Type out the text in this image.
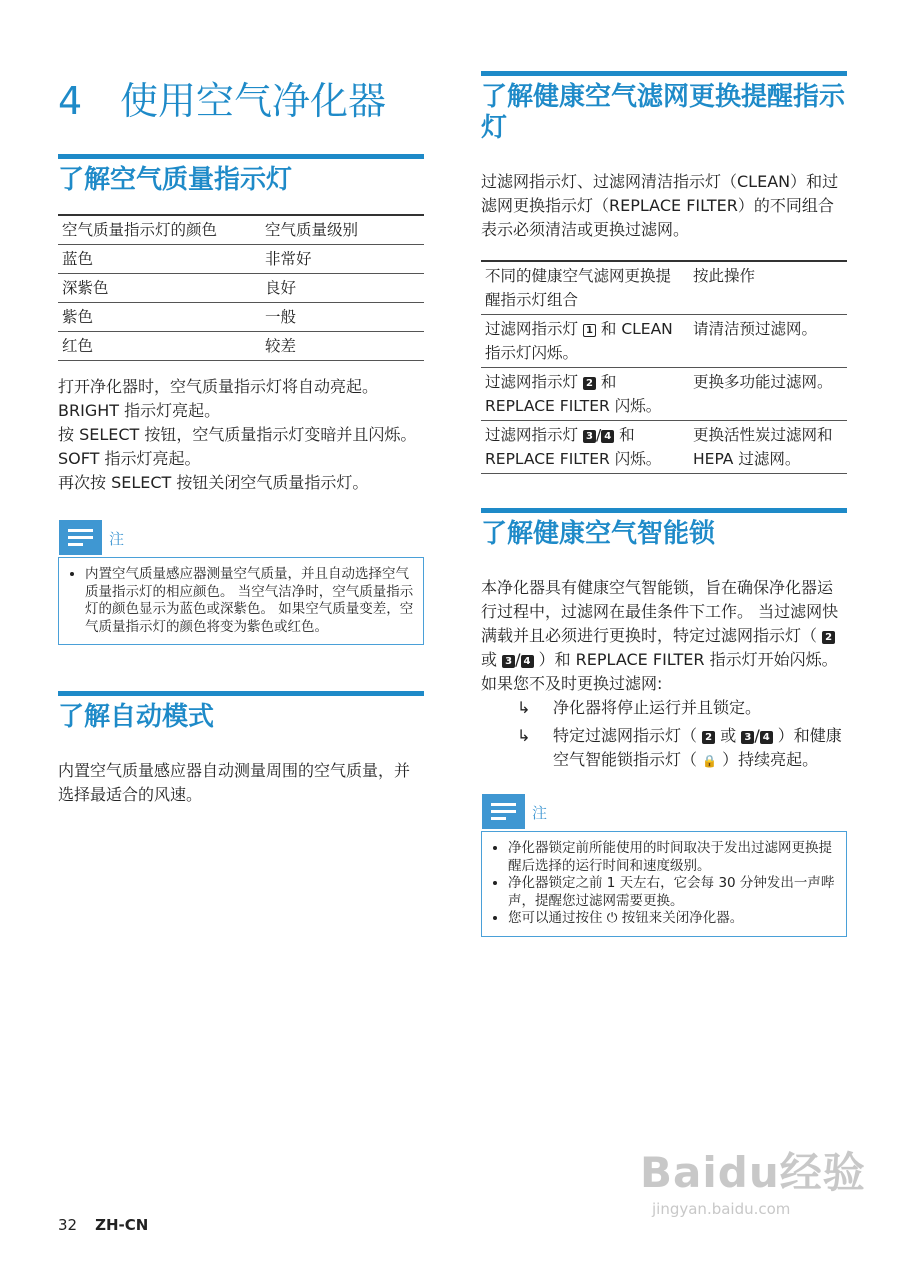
4 使用空气净化器
了解空气质量指示灯
空气质量指示灯的颜色	空气质量级别
蓝色	非常好
深紫色	良好
紫色	一般
红色	较差

打开净化器时，空气质量指示灯将自动亮起。

BRIGHT 指示灯亮起。

按 SELECT 按钮，空气质量指示灯变暗并且闪烁。 SOFT 指示灯亮起。

再次按 SELECT 按钮关闭空气质量指示灯。

注
• 内置空气质量感应器测量空气质量，并且自动选择空气质量指示灯的相应颜色。 当空气洁净时，空气质量指示灯的颜色显示为蓝色或深紫色。 如果空气质量变差，空气质量指示灯的颜色将变为紫色或红色。
了解自动模式

内置空气质量感应器自动测量周围的空气质量，并选择最适合的风速。

了解健康空气滤网更换提醒指示灯

过滤网指示灯、过滤网清洁指示灯（CLEAN）和过滤网更换指示灯（REPLACE FILTER）的不同组合表示必须清洁或更换过滤网。

不同的健康空气滤网更换提醒指示灯组合	按此操作
过滤网指示灯 1 和 CLEAN 指示灯闪烁。	请清洁预过滤网。
过滤网指示灯 2 和 REPLACE FILTER 闪烁。	更换多功能过滤网。
过滤网指示灯 3 / 4 和 REPLACE FILTER 闪烁。	更换活性炭过滤网和 HEPA 过滤网。
了解健康空气智能锁

本净化器具有健康空气智能锁，旨在确保净化器运行过程中，过滤网在最佳条件下工作。 当过滤网快满载并且必须进行更换时，特定过滤网指示灯（ 2 或 3 / 4 ）和 REPLACE FILTER 指示灯开始闪烁。

如果您不及时更换过滤网:

↳ 净化器将停止运行并且锁定。
↳ 特定过滤网指示灯（ 2 或 3 / 4 ）和健康空气智能锁指示灯（ 🔒 ）持续亮起。
注
• 净化器锁定前所能使用的时间取决于发出过滤网更换提醒后选择的运行时间和速度级别。
• 净化器锁定之前 1 天左右，它会每 30 分钟发出一声哔声，提醒您过滤网需要更换。
• 您可以通过按住 ⏻ 按钮来关闭净化器。
Baidu经验
jingyan.baidu.com
32 ZH-CN
